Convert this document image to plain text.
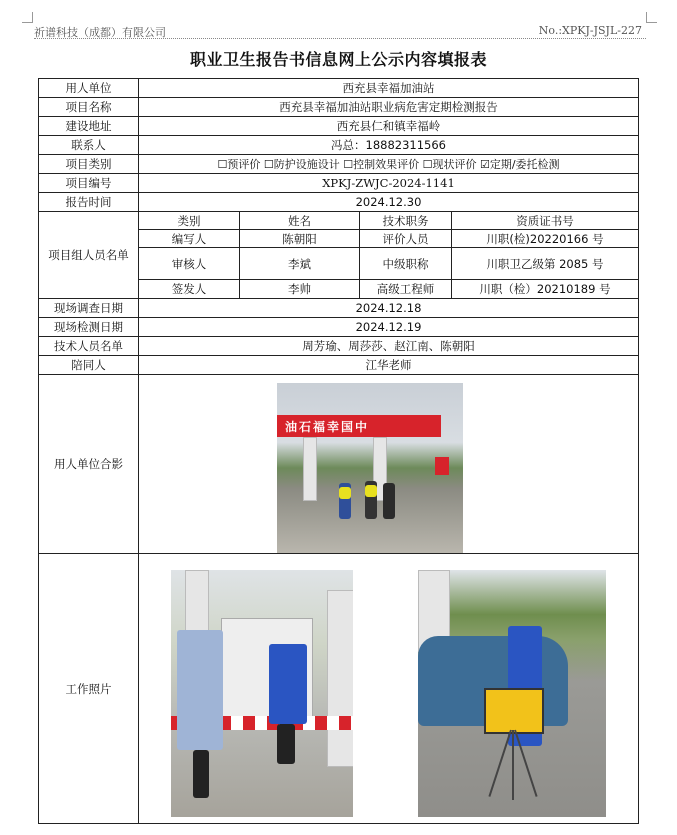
祈谱科技（成都）有限公司	No.:XPKJ-JSJL-227
职业卫生报告书信息网上公示内容填报表
用人单位	西充县幸福加油站			
项目名称	西充县幸福加油站职业病危害定期检测报告			
建设地址	西充县仁和镇幸福岭			
联系人	冯总：18882311566			
项目类别	☐预评价 ☐防护设施设计 ☐控制效果评价 ☐现状评价 ☑定期/委托检测			
项目编号	XPKJ-ZWJC-2024-1141			
报告时间	2024.12.30			
项目组人员名单	类别	姓名	技术职务	资质证书号
	编写人	陈朝阳	评价人员	川职(检)20220166 号
	审核人	李斌	中级职称	川职卫乙级第 2085 号
	签发人	李帅	高级工程师	川职（检）20210189 号
现场调查日期	2024.12.18			
现场检测日期	2024.12.19			
技术人员名单	周芳瑜、周莎莎、赵江南、陈朝阳			
陪同人	江华老师			
用人单位合影				
工作照片				
油石福幸国中
